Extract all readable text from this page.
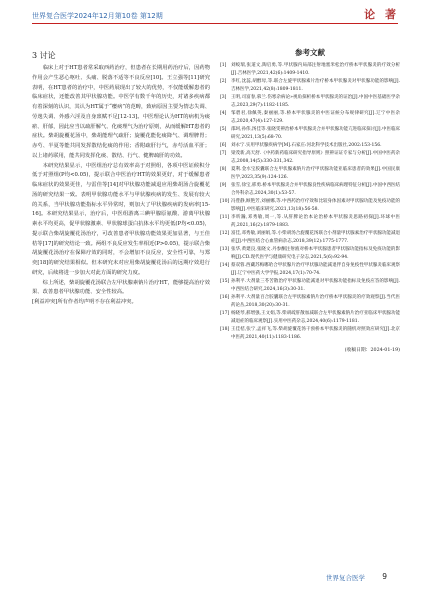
世界复合医学2024年12月第10卷 第12期	论 著
3 讨论

临床上对于HT患者常采取西药治疗，但患者在长期用药治疗后，因药物作用会产生恶心呕吐、头痛、脱落不适等不良反应[10]。王立强等[11]研究表明，在HT患者的治疗中，中医药展现出了较大的优势，不仅能缓解患者的临床症状，还能改善其甲状腺功能。中医学有数千年的历史，对诸多疾病都有着深刻的认识，其认为HT属于“瘿病”的范畴，致病原因主要为情志失调、劳逸失调、外感六淫及自身禀赋不足[12-13]。中医理论认为HT的病机为痰瘀、肝郁，因此应当以疏肝解气、化痰理气为治疗原则，从而缓解HT患者的症状。柴胡旋覆花汤中，柴胡能理气疏肝；旋覆花能化痰降气、调理脾胃；赤芍、半夏等能共同发挥散结化痰的作用；香附疏肝行气，赤芍活血平肝；以上诸药联用，能共同发挥化痰、散结、行气、健脾疏肝的功效。

本研究结果显示，中医组治疗总有效率高于对照组，各项中医证候积分低于对照组(P均<0.05)，提示联合中医治疗HT的效果更好，对于缓解患者临床症状的效果更佳，与雷佳等[14]对甲状腺功能减退应用柴胡汤合旋覆花汤的研究结果一致。表明甲状腺功能水平与甲状腺疾病的发生、发展有较大的关系，当甲状腺功能指标水平异常时，则加大了甲状腺疾病的发病率[15-16]。本研究结果显示，治疗后，中医组游离三碘甲腺原氨酸、游离甲状腺素水平均更高，促甲状腺激素、甲状腺球蛋白抗体水平均更低(P均<0.05)，提示联合柴胡旋覆花汤治疗，可改善患者甲状腺功能效果更加显著，与王佳桔等[17]的研究结论一致。两组不良反应发生率相近(P>0.05)，提示联合柴胡旋覆花汤治疗在保障疗效的同时，不会增加不良反应，安全性可靠，与郑奕[18]的研究结果相似。但本研究未对应用柴胡旋覆花汤后的远期疗效进行研究，后续将进一步加大对此方面的研究力度。

综上所述，柴胡旋覆花汤联合左甲状腺素钠片治疗HT，能够提高治疗效果、改善患者甲状腺功能、安全性较高。

[利益冲突]所有作者均声明不存在利益冲突。

参考文献
[1]	刘蛟瑞,张道文,陶启勇,等.甲状腺内局部注射地塞米松治疗桥本甲状腺炎的疗效分析[J].吉林医学,2021,42(6):1409-1410.
[2]	李红,沈蕊,胡醇母,等.联合左旋甲状腺素片治疗桥本甲状腺炎对甲状腺功能的影响[J].吉林医学,2021,42(8):1809-1811.
[3]	王明,司富春,慕兰.伤寒杂病论»视角探析桥本甲状腺炎的证治[J].中国中医基础医学杂志,2023,29(7):1182-1185.
[4]	邹碧君,徐佩英,秦丽丽,等.桥本甲状腺炎的中医证候分布规律研究[J].辽宁中医杂志,2020,47(4):127-129.
[5]	邵珂,孙伟,汤佳等.张晓雯辨治桥本甲状腺炎合并甲状腺功能亢进临床探讨[J].中医临床研究,2021,13(5):68-70.
[6]	刘永宁.实用甲状腺疾病学[M].石家庄:河北科学技术出版社,2002:153-156.
[7]	梁茂新,高天舒.《中药新药临床研究指导原则》照辨证证专家与分析[J].中国中医药杂志,2008,14(5):330-331,342.
[8]	夏利.金水宝胶囊联合左甲状腺素钠片治疗甲状腺功能亚临床患者的效果[J].中国民康医学,2023,35(9):124-126.
[9]	张雪,徐宝,邢勇.桥本甲状腺炎合并甲状腺良性疾病临床病理特征分析[J].中国中西医结合外科杂志,2024,30(1):53-57.
[10] 冯豊静,顾艳芳,刘丽娜,等.中西药治疗疗效和比较身体因素对甲状腺功能及免疫功能的影响[J].中医临床研究,2021,13(18):56-58.
[11] 李昕瀚,邓秀敏,周一,等.从肝脾论治本论治桥本甲状腺炎思路初探[J].环球中医药,2021,16(2):1879-1883.
[12] 富佳,邓秀敏,刘丽娟,等.小柴胡汤合旋覆花汤联合小剂量甲状腺素治疗甲状腺功能减退症[J].中西医结合心血管病杂志,2018,39(12):1775-1777.
[13] 张华,黄建良,张晓文.丹参酮注射液对桥本甲状腺患者甲状腺功能指标及免疫功能的影响[J].CD.现代医学与健康研究电子杂志,2021,5(6):92-94.
[14] 蔡双蓉.西藏苏梅哪哈合甲状腺片治疗甲状腺功能减退伴自身免疫性甲状腺炎临床观察[J].辽宁中医药大学学报,2024,17(1):70-74.
[15] 孙利平.大剂量三苓苦散治疗甲状腺功能减退对甲状腺功能指标及免疫应答的影响[J].中西医结合研究,2024,16(3):30-31.
[16] 孙利平.大剂量百合胶囊联合左甲状腺素钠片治疗桥本甲状腺炎的疗效观察[J].当代医药论丛,2018,30(20):30-31.
[17] 杨晓琴,郝增强,王文娟,等.柴胡疏肝散加减联合左甲状腺素钠片治疗亚临床甲状腺功能减退症的临床观察[J].实用中医药杂志,2024,40(6):1179-1181.
[18] 王佳桔,张宁,孟祥飞,等.柴胡旋覆花汤干预桥本甲状腺炎的随机对照效应研究[J].北京中医药,2021,40(11):1183-1186.
(收稿日期：2024-01-19)
世界复合医学 9
